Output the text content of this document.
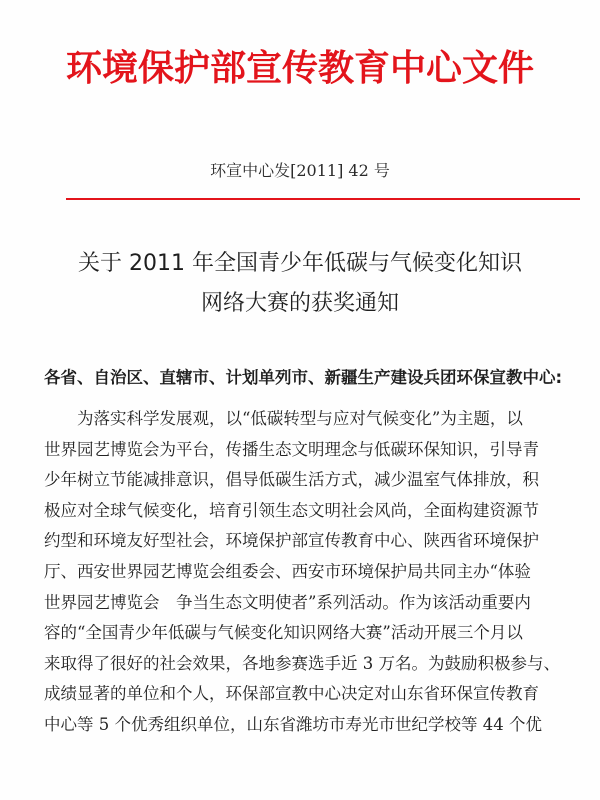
环境保护部宣传教育中心文件
环宣中心发[2011] 42 号
关于 2011 年全国青少年低碳与气候变化知识
网络大赛的获奖通知
各省、自治区、直辖市、计划单列市、新疆生产建设兵团环保宣教中心:
为落实科学发展观，以“低碳转型与应对气候变化”为主题，以
世界园艺博览会为平台，传播生态文明理念与低碳环保知识，引导青
少年树立节能减排意识，倡导低碳生活方式，减少温室气体排放，积
极应对全球气候变化，培育引领生态文明社会风尚，全面构建资源节
约型和环境友好型社会，环境保护部宣传教育中心、陕西省环境保护
厅、西安世界园艺博览会组委会、西安市环境保护局共同主办“体验
世界园艺博览会　争当生态文明使者”系列活动。作为该活动重要内
容的“全国青少年低碳与气候变化知识网络大赛”活动开展三个月以
来取得了很好的社会效果，各地参赛选手近 3 万名。为鼓励积极参与、
成绩显著的单位和个人，环保部宣教中心决定对山东省环保宣传教育
中心等 5 个优秀组织单位，山东省潍坊市寿光市世纪学校等 44 个优
